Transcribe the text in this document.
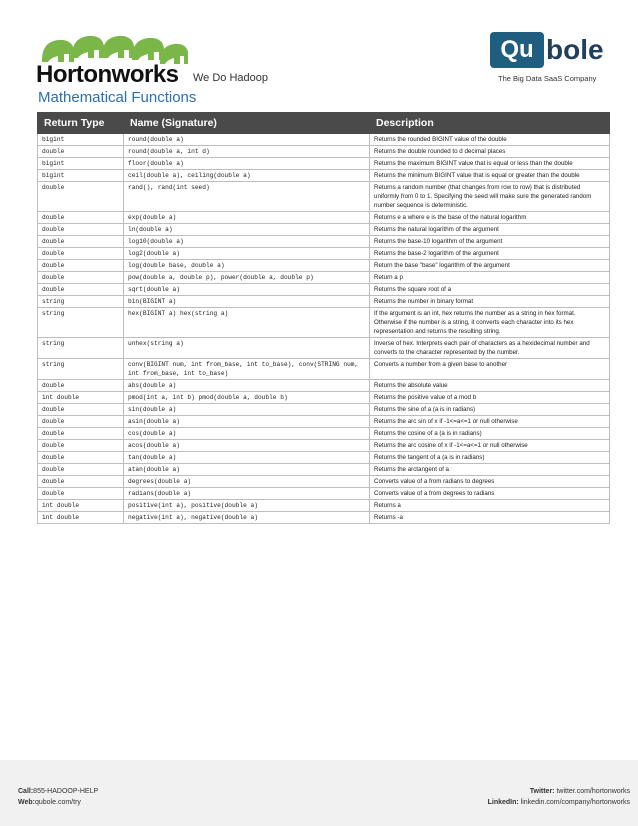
Hortonworks We Do Hadoop
Qu bole
The Big Data SaaS Company
Mathematical Functions
Return Type	Name (Signature)	Description
bigint	round(double a)	Returns the rounded BIGINT value of the double
double	round(double a, int d)	Returns the double rounded to d decimal places
bigint	floor(double a)	Returns the maximum BIGINT value that is equal or less than the double
bigint	ceil(double a), ceiling(double a)	Returns the minimum BIGINT value that is equal or greater than the double
double	rand(), rand(int seed)	Returns a random number (that changes from row to row) that is distributed uniformly from 0 to 1. Specifying the seed will make sure the generated random number sequence is deterministic.
double	exp(double a)	Returns e a where e is the base of the natural logarithm
double	ln(double a)	Returns the natural logarithm of the argument
double	log10(double a)	Returns the base-10 logarithm of the argument
double	log2(double a)	Returns the base-2 logarithm of the argument
double	log(double base, double a)	Return the base "base" logarithm of the argument
double	pow(double a, double p), power(double a, double p)	Return a p
double	sqrt(double a)	Returns the square root of a
string	bin(BIGINT a)	Returns the number in binary format
string	hex(BIGINT a) hex(string a)	If the argument is an int, hex returns the number as a string in hex format. Otherwise if the number is a string, it converts each character into its hex representation and returns the resulting string.
string	unhex(string a)	Inverse of hex. Interprets each pair of characters as a hexidecimal number and converts to the character represented by the number.
string	conv(BIGINT num, int from_base, int to_base), conv(STRING num, int from_base, int to_base)	Converts a number from a given base to another
double	abs(double a)	Returns the absolute value
int double	pmod(int a, int b) pmod(double a, double b)	Returns the positive value of a mod b
double	sin(double a)	Returns the sine of a (a is in radians)
double	asin(double a)	Returns the arc sin of x if -1<=a<=1 or null otherwise
double	cos(double a)	Returns the cosine of a (a is in radians)
double	acos(double a)	Returns the arc cosine of x if -1<=a<=1 or null otherwise
double	tan(double a)	Returns the tangent of a (a is in radians)
double	atan(double a)	Returns the arctangent of a
double	degrees(double a)	Converts value of a from radians to degrees
double	radians(double a)	Converts value of a from degrees to radians
int double	positive(int a), positive(double a)	Returns a
int double	negative(int a), negative(double a)	Returns -a
Call:855-HADOOP-HELP
Web:qubole.com/try
Twitter: twitter.com/hortonworks
LinkedIn: linkedin.com/company/hortonworks
